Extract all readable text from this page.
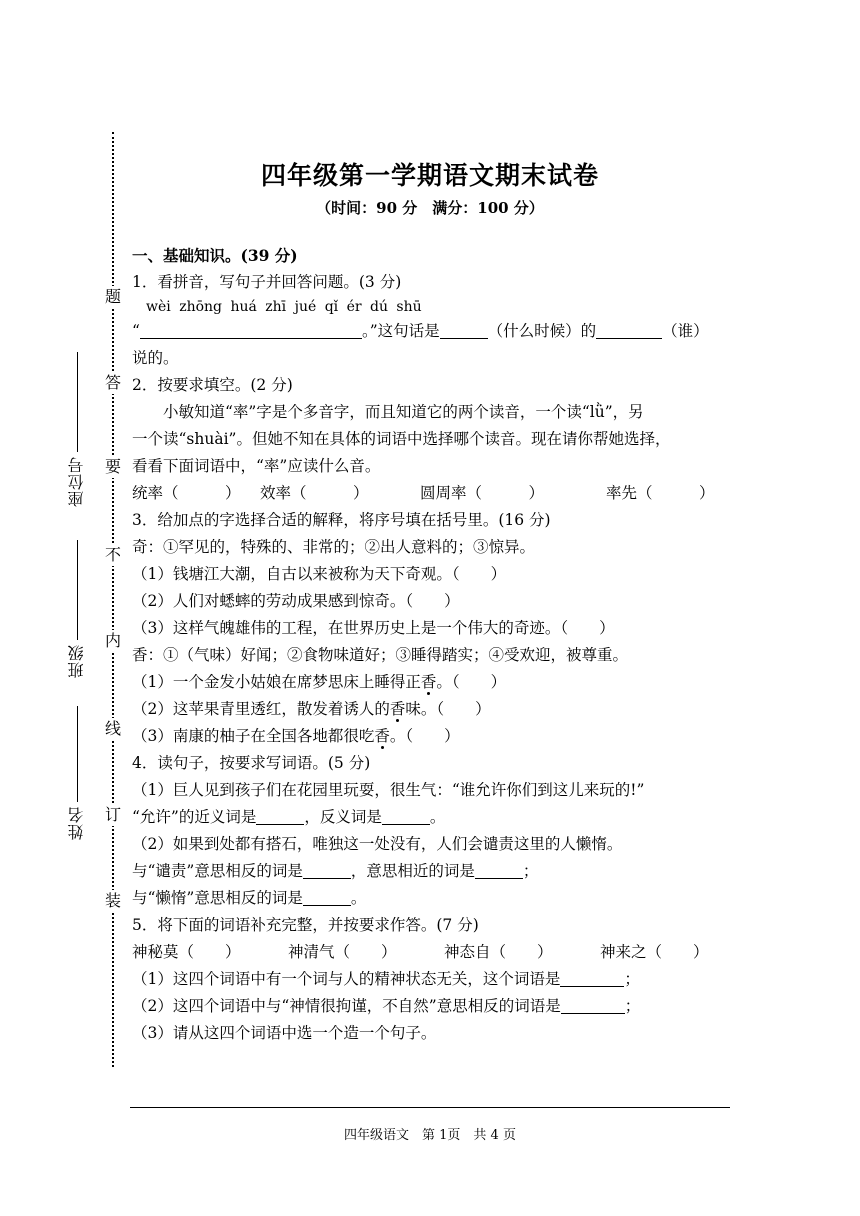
题
答
要
不
内
线
订
装
座位号
班级
姓名
四年级第一学期语文期末试卷
（时间：90 分　满分：100 分）
一、基础知识。(39 分)
1．看拼音，写句子并回答问题。(3 分)
wèi zhōng huá zhī jué qǐ ér dú shū
“	。”这句话是	（什么时候）的	（谁）
说的。
2．按要求填空。(2 分)
小敏知道“率”字是个多音字，而且知道它的两个读音，一个读“lǜ”，另
一个读“shuài”。但她不知在具体的词语中选择哪个读音。现在请你帮她选择，
看看下面词语中，“率”应读什么音。
统率（　　　） 效率（　　　）	圆周率（　　　）	率先（　　　）
3．给加点的字选择合适的解释，将序号填在括号里。(16 分)
奇：①罕见的，特殊的、非常的；②出人意料的；③惊异。
（1）钱塘江大潮，自古以来被称为天下奇观。（　　）
（2）人们对蟋蟀的劳动成果感到惊奇。（　　）
（3）这样气魄雄伟的工程，在世界历史上是一个伟大的奇迹。（　　）
香：①（气味）好闻；②食物味道好；③睡得踏实；④受欢迎，被尊重。
（1）一个金发小姑娘在席梦思床上睡得正香。（　　）
（2）这苹果青里透红，散发着诱人的香味。（　　）
（3）南康的柚子在全国各地都很吃香。（　　）
4．读句子，按要求写词语。(5 分)
（1）巨人见到孩子们在花园里玩耍，很生气：“谁允许你们到这儿来玩的!”
“允许”的近义词是	，反义词是	。
（2）如果到处都有搭石，唯独这一处没有，人们会谴责这里的人懒惰。
与“谴责”意思相反的词是	，意思相近的词是	；
与“懒惰”意思相反的词是	。
5．将下面的词语补充完整，并按要求作答。(7 分)
神秘莫（　　）	神清气（　　）	神态自（　　）	神来之（　　）
（1）这四个词语中有一个词与人的精神状态无关，这个词语是	；
（2）这四个词语中与“神情很拘谨，不自然”意思相反的词语是	；
（3）请从这四个词语中选一个造一个句子。
四年级语文　第 1页　共 4 页
